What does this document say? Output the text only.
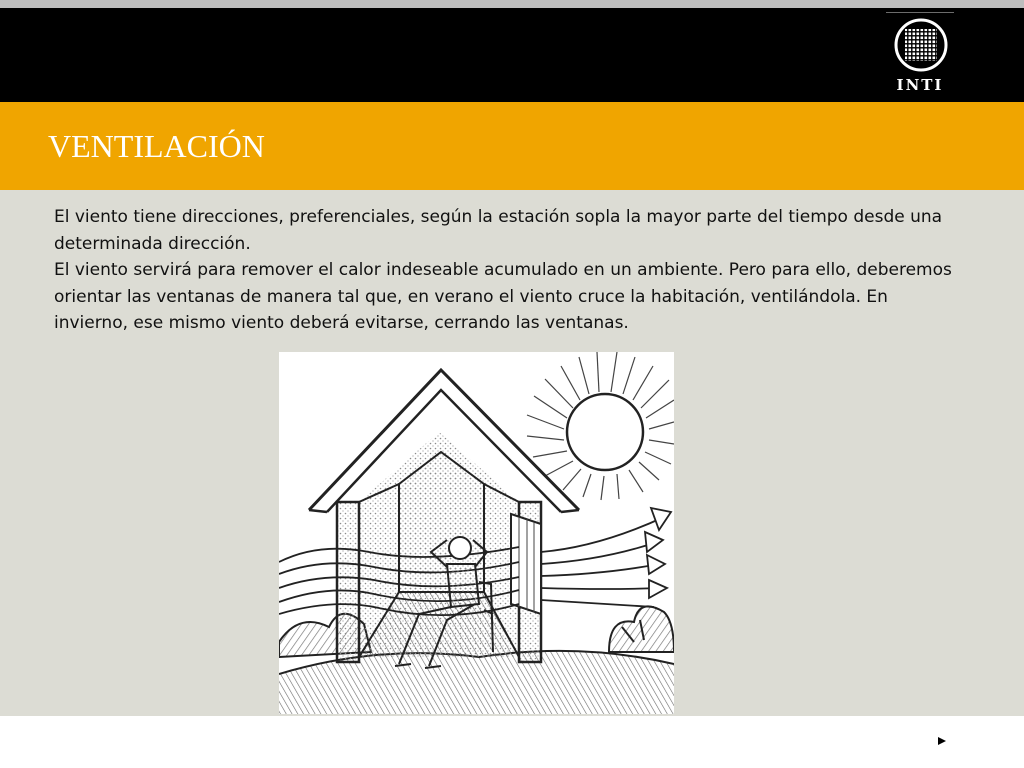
INTI
VENTILACIÓN
El viento tiene direcciones, preferenciales, según la estación sopla la mayor parte del tiempo desde una determinada dirección.
El viento servirá para remover el calor indeseable acumulado en un ambiente. Pero para ello, deberemos orientar las ventanas de manera tal que, en verano el viento cruce la habitación, ventilándola. En invierno, ese mismo viento deberá evitarse, cerrando las ventanas.
